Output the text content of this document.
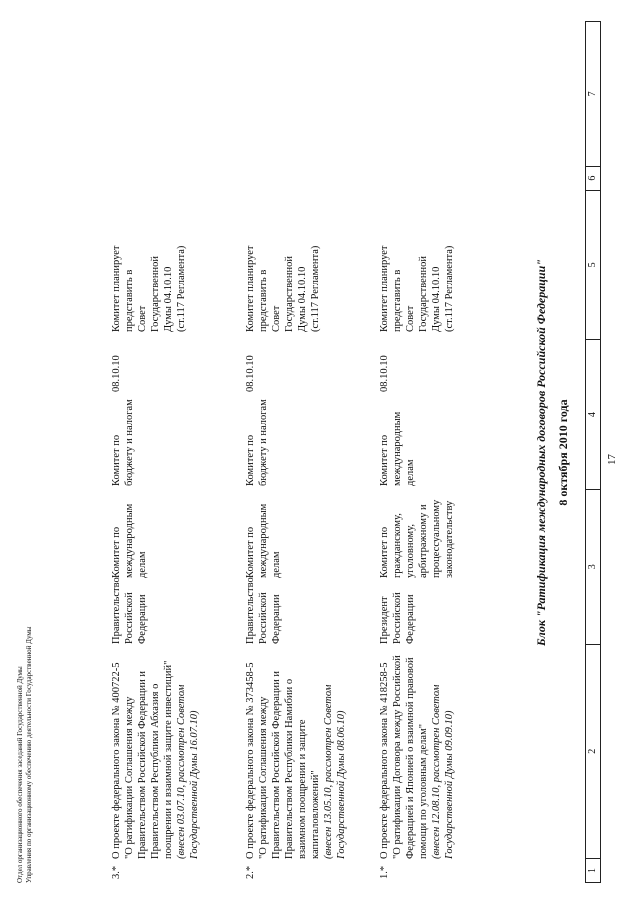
17
1
2
3
4
5
6
7
8 октября 2010 года
Блок "Ратификация международных договоров Российской Федерации"
1.*
О проекте федерального закона № 418258-5 "О ратификации Договора между Российской Федерацией и Японией о взаимной правовой помощи по уголовным делам" (внесен 12.08.10, рассмотрен Советом Государственной Думы 09.09.10)
Президент Российской Федерации
Комитет по гражданскому, уголовному, арбитражному и процессуальному законодательству
Комитет по международным делам
08.10.10
Комитет планирует представить в Совет Государственной Думы 04.10.10 (ст.117 Регламента)
2.*
О проекте федерального закона № 373458-5 "О ратификации Соглашения между Правительством Российской Федерации и Правительством Республики Намибии о взаимном поощрении и защите капиталовложений" (внесен 13.05.10, рассмотрен Советом Государственной Думы 08.06.10)
Правительство Российской Федерации
Комитет по международным делам
Комитет по бюджету и налогам
08.10.10
Комитет планирует представить в Совет Государственной Думы 04.10.10 (ст.117 Регламента)
3.*
О проекте федерального закона № 400722-5 "О ратификации Соглашения между Правительством Российской Федерации и Правительством Республики Абхазия о поощрении и взаимной защите инвестиций" (внесен 03.07.10, рассмотрен Советом Государственной Думы 16.07.10)
Правительство Российской Федерации
Комитет по международным делам
Комитет по бюджету и налогам
08.10.10
Комитет планирует представить в Совет Государственной Думы 04.10.10 (ст.117 Регламента)
Отдел организационного обеспечения заседаний Государственной Думы Управления по организационному обеспечению деятельности Государственной Думы
